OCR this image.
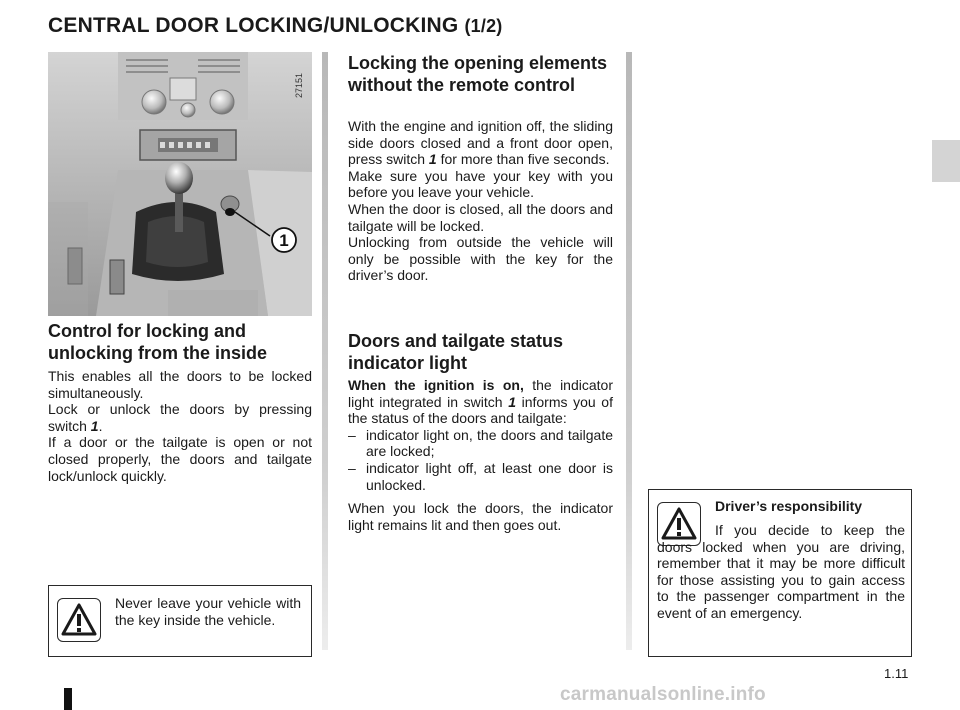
CENTRAL DOOR LOCKING/UNLOCKING (1/2)
1
27151
Control for locking and unlocking from the inside

This enables all the doors to be locked simultaneously.

Lock or unlock the doors by pressing switch 1.

If a door or the tailgate is open or not closed properly, the doors and tailgate lock/unlock quickly.

Never leave your vehicle with the key inside the vehicle.
Locking the opening elements without the remote control

With the engine and ignition off, the sliding side doors closed and a front door open, press switch 1 for more than five seconds.

Make sure you have your key with you before you leave your vehicle.

When the door is closed, all the doors and tailgate will be locked.

Unlocking from outside the vehicle will only be possible with the key for the driver’s door.

Doors and tailgate status indicator light

When the ignition is on, the indicator light integrated in switch 1 informs you of the status of the doors and tailgate:

– indicator light on, the doors and tailgate are locked;
– indicator light off, at least one door is unlocked.

When you lock the doors, the indicator light remains lit and then goes out.

Driver’s responsibility
If you decide to keep the doors locked when you are driving, remember that it may be more difficult for those assisting you to gain access to the passenger compartment in the event of an emergency.
1.11
carmanualsonline.info
